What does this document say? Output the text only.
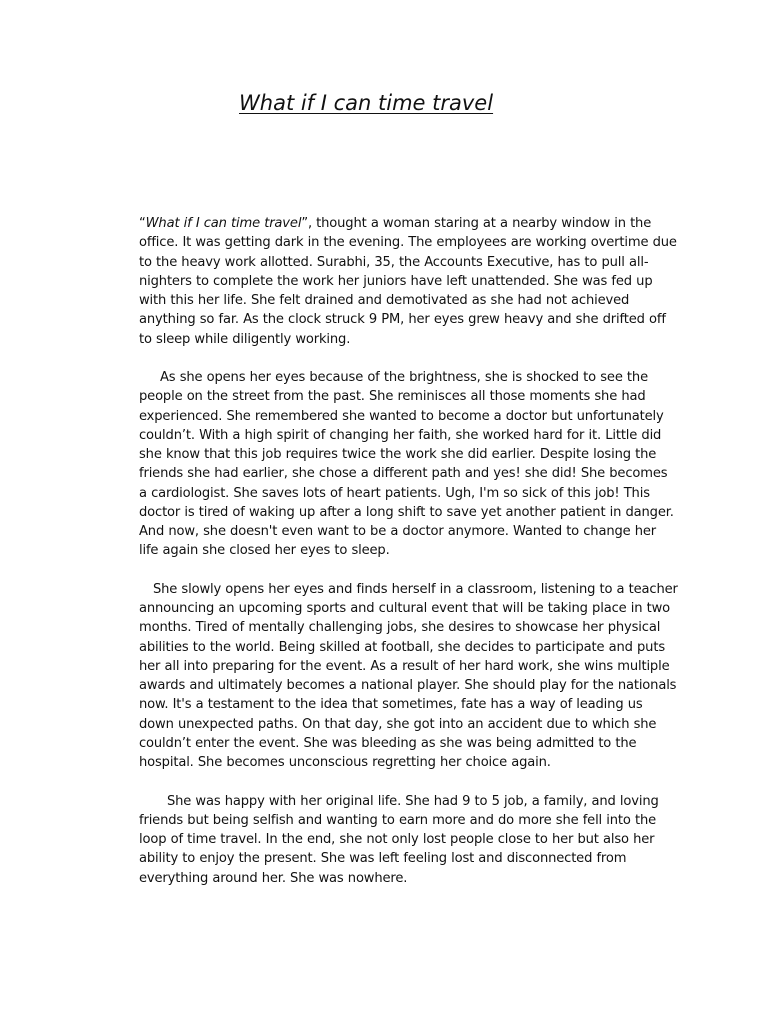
What if I can time travel

“What if I can time travel”, thought a woman staring at a nearby window in the office. It was getting dark in the evening. The employees are working overtime due to the heavy work allotted. Surabhi, 35, the Accounts Executive, has to pull all-nighters to complete the work her juniors have left unattended. She was fed up with this her life. She felt drained and demotivated as she had not achieved anything so far. As the clock struck 9 PM, her eyes grew heavy and she drifted off to sleep while diligently working.

As she opens her eyes because of the brightness, she is shocked to see the people on the street from the past. She reminisces all those moments she had experienced. She remembered she wanted to become a doctor but unfortunately couldn’t. With a high spirit of changing her faith, she worked hard for it. Little did she know that this job requires twice the work she did earlier. Despite losing the friends she had earlier, she chose a different path and yes! she did! She becomes a cardiologist. She saves lots of heart patients. Ugh, I'm so sick of this job! This doctor is tired of waking up after a long shift to save yet another patient in danger. And now, she doesn't even want to be a doctor anymore. Wanted to change her life again she closed her eyes to sleep.

She slowly opens her eyes and finds herself in a classroom, listening to a teacher announcing an upcoming sports and cultural event that will be taking place in two months. Tired of mentally challenging jobs, she desires to showcase her physical abilities to the world. Being skilled at football, she decides to participate and puts her all into preparing for the event. As a result of her hard work, she wins multiple awards and ultimately becomes a national player. She should play for the nationals now. It's a testament to the idea that sometimes, fate has a way of leading us down unexpected paths. On that day, she got into an accident due to which she couldn’t enter the event. She was bleeding as she was being admitted to the hospital. She becomes unconscious regretting her choice again.

She was happy with her original life. She had 9 to 5 job, a family, and loving friends but being selfish and wanting to earn more and do more she fell into the loop of time travel. In the end, she not only lost people close to her but also her ability to enjoy the present. She was left feeling lost and disconnected from everything around her. She was nowhere.
